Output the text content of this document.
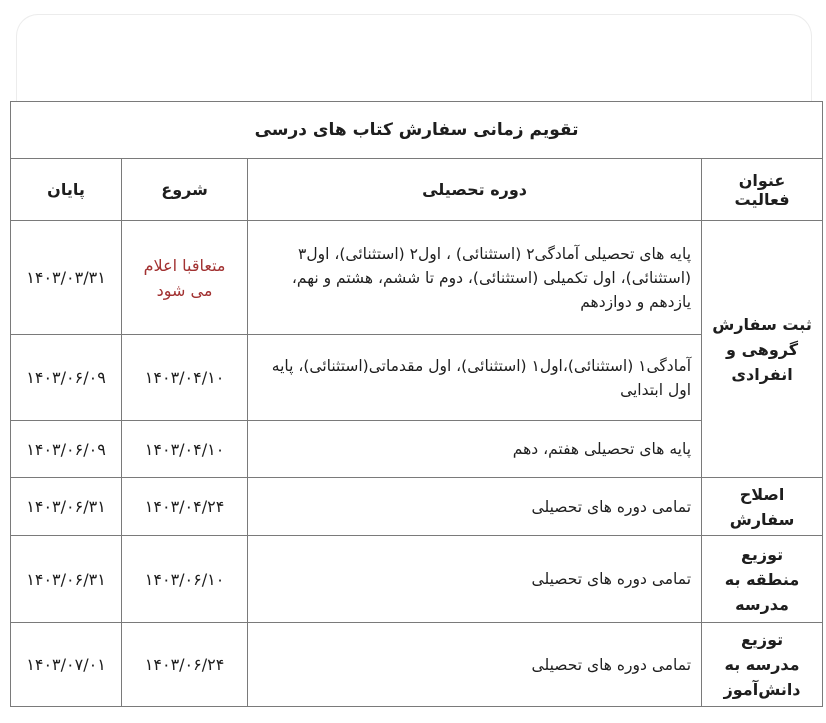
تقویم زمانی سفارش کتاب های درسی			
عنوان فعالیت	دوره تحصیلی	شروع	پایان
ثبت سفارش گروهی و انفرادی	پایه های تحصیلی آمادگی۲ (استثنائی) ، اول۲ (استثنائی)، اول۳ (استثنائی)، اول تکمیلی (استثنائی)، دوم تا ششم، هشتم و نهم، یازدهم و دوازدهم	متعاقبا اعلام می شود	۱۴۰۳/۰۳/۳۱
	آمادگی۱ (استثنائی)،اول۱ (استثنائی)، اول مقدماتی(استثنائی)، پایه اول ابتدایی	۱۴۰۳/۰۴/۱۰	۱۴۰۳/۰۶/۰۹
	پایه های تحصیلی هفتم، دهم	۱۴۰۳/۰۴/۱۰	۱۴۰۳/۰۶/۰۹
اصلاح سفارش	تمامی دوره های تحصیلی	۱۴۰۳/۰۴/۲۴	۱۴۰۳/۰۶/۳۱
توزیع منطقه به مدرسه	تمامی دوره های تحصیلی	۱۴۰۳/۰۶/۱۰	۱۴۰۳/۰۶/۳۱
توزیع مدرسه به دانش‌آموز	تمامی دوره های تحصیلی	۱۴۰۳/۰۶/۲۴	۱۴۰۳/۰۷/۰۱
